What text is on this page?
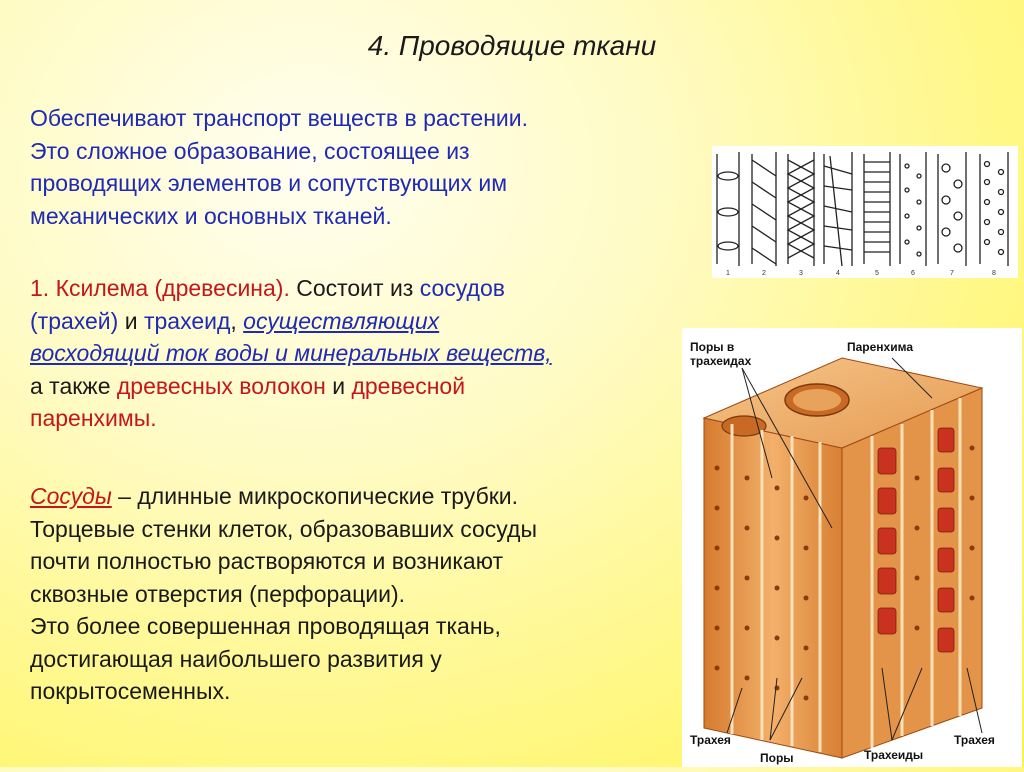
4. Проводящие ткани
Обеспечивают транспорт веществ в растении.
Это сложное образование, состоящее из
проводящих элементов и сопутствующих им
механических и основных тканей.
1. Ксилема (древесина). Состоит из сосудов
(трахей) и трахеид, осуществляющих
восходящий ток воды и минеральных веществ,
а также древесных волокон и древесной
паренхимы.
Сосуды – длинные микроскопические трубки.
Торцевые стенки клеток, образовавших сосуды
почти полностью растворяются и возникают
сквозные отверстия (перфорации).
Это более совершенная проводящая ткань,
достигающая наибольшего развития у
покрытосеменных.
1	2	3	4	5	6	7	8
Поры в
трахеидах
Паренхима
Трахея
Поры	Трахеиды
Трахея
